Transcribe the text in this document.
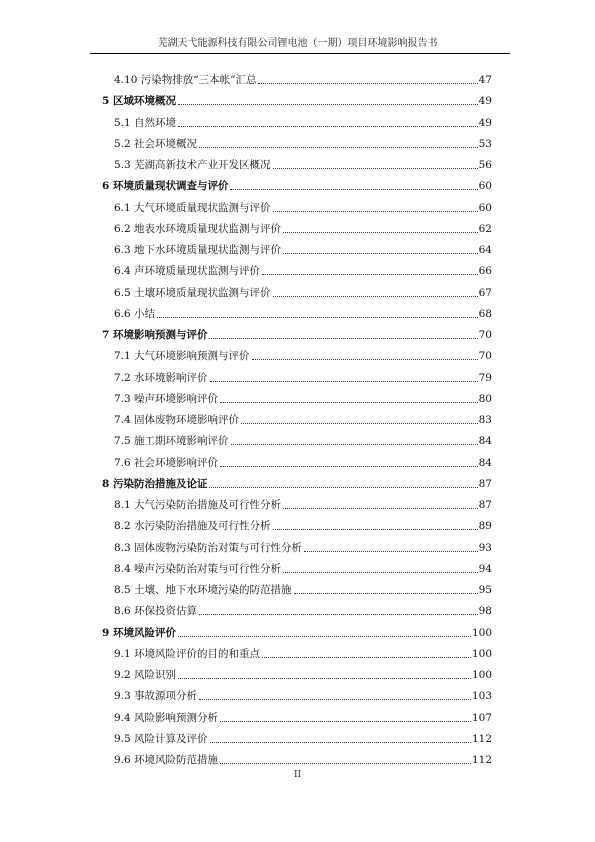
芜湖天弋能源科技有限公司锂电池（一期）项目环境影响报告书
4.10 污染物排放“三本帐”汇总	47
5 区域环境概况	49
5.1 自然环境	49
5.2 社会环境概况	53
5.3 芜湖高新技术产业开发区概况	56
6 环境质量现状调查与评价	60
6.1 大气环境质量现状监测与评价	60
6.2 地表水环境质量现状监测与评价	62
6.3 地下水环境质量现状监测与评价	64
6.4 声环境质量现状监测与评价	66
6.5 土壤环境质量现状监测与评价	67
6.6 小结	68
7 环境影响预测与评价	70
7.1 大气环境影响预测与评价	70
7.2 水环境影响评价	79
7.3 噪声环境影响评价	80
7.4 固体废物环境影响评价	83
7.5 施工期环境影响评价	84
7.6 社会环境影响评价	84
8 污染防治措施及论证	87
8.1 大气污染防治措施及可行性分析	87
8.2 水污染防治措施及可行性分析	89
8.3 固体废物污染防治对策与可行性分析	93
8.4 噪声污染防治对策与可行性分析	94
8.5 土壤、地下水环境污染的防范措施	95
8.6 环保投资估算	98
9 环境风险评价	100
9.1 环境风险评价的目的和重点	100
9.2 风险识别	100
9.3 事故源项分析	103
9.4 风险影响预测分析	107
9.5 风险计算及评价	112
9.6 环境风险防范措施	112
II
